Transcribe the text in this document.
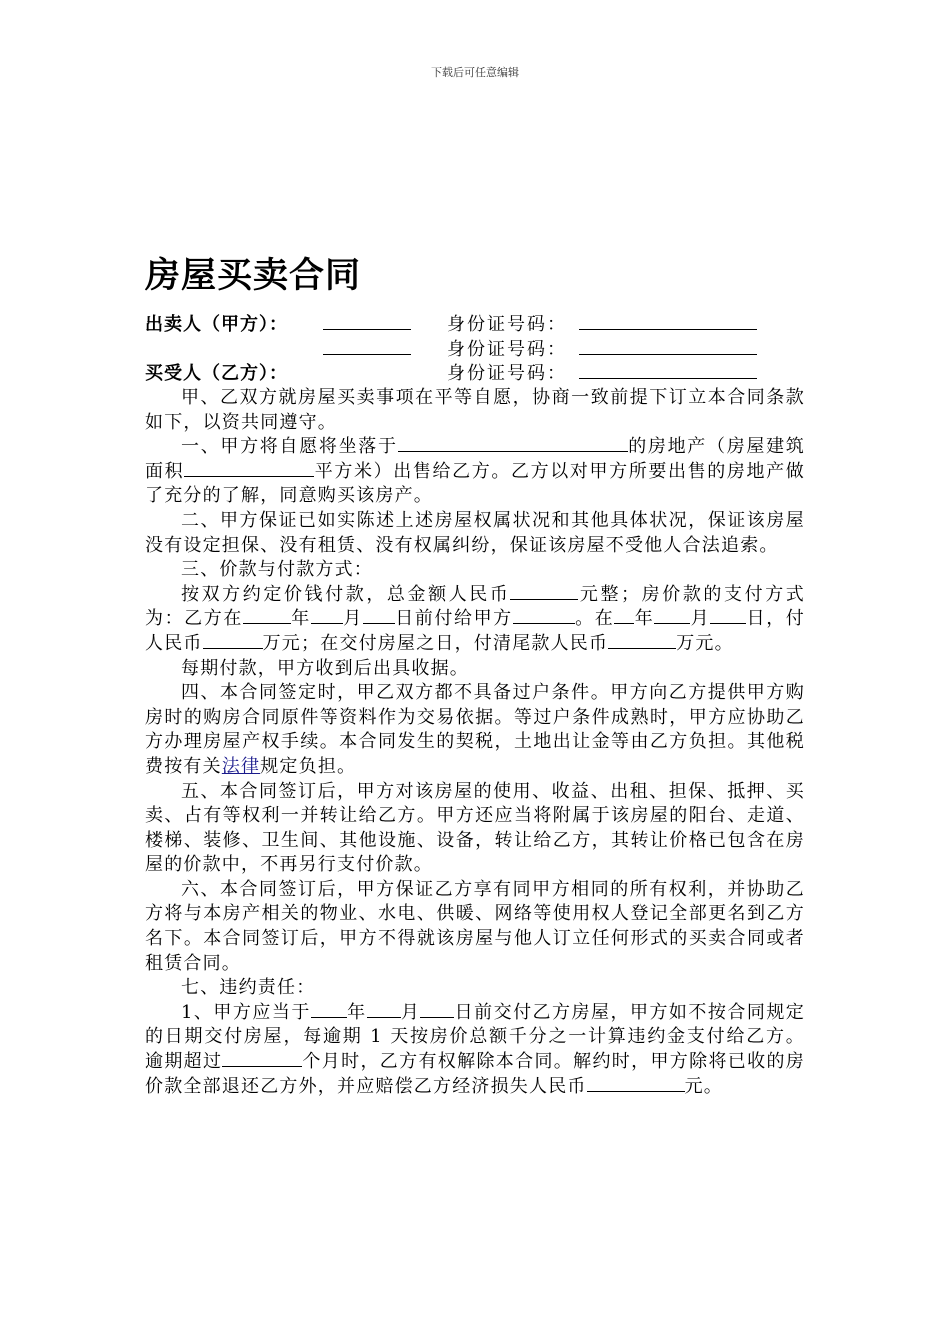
下载后可任意编辑
房屋买卖合同
出卖人（甲方）：	身份证号码：
身份证号码：
买受人（乙方）：	身份证号码：

甲、乙双方就房屋买卖事项在平等自愿，协商一致前提下订立本合同条款如下，以资共同遵守。

一、甲方将自愿将坐落于	的房地产（房屋建筑面积	平方米）出售给乙方。乙方以对甲方所要出售的房地产做了充分的了解，同意购买该房产。

二、甲方保证已如实陈述上述房屋权属状况和其他具体状况，保证该房屋没有设定担保、没有租赁、没有权属纠纷，保证该房屋不受他人合法追索。

三、价款与付款方式：

按双方约定价钱付款，总金额人民币	元整；房价款的支付方式为：乙方在	年 月 日前付给甲方	。在 年 月 日，付人民币	万元；在交付房屋之日，付清尾款人民币	万元。

每期付款，甲方收到后出具收据。

四、本合同签定时，甲乙双方都不具备过户条件。甲方向乙方提供甲方购房时的购房合同原件等资料作为交易依据。等过户条件成熟时，甲方应协助乙方办理房屋产权手续。本合同发生的契税，土地出让金等由乙方负担。其他税费按有关法律规定负担。

五、本合同签订后，甲方对该房屋的使用、收益、出租、担保、抵押、买卖、占有等权利一并转让给乙方。甲方还应当将附属于该房屋的阳台、走道、楼梯、装修、卫生间、其他设施、设备，转让给乙方，其转让价格已包含在房屋的价款中，不再另行支付价款。

六、本合同签订后，甲方保证乙方享有同甲方相同的所有权利，并协助乙方将与本房产相关的物业、水电、供暖、网络等使用权人登记全部更名到乙方名下。本合同签订后，甲方不得就该房屋与他人订立任何形式的买卖合同或者租赁合同。

七、违约责任：

1、甲方应当于 年 月 日前交付乙方房屋，甲方如不按合同规定的日期交付房屋，每逾期 1 天按房价总额千分之一计算违约金支付给乙方。逾期超过	个月时，乙方有权解除本合同。解约时，甲方除将已收的房价款全部退还乙方外，并应赔偿乙方经济损失人民币	元。
